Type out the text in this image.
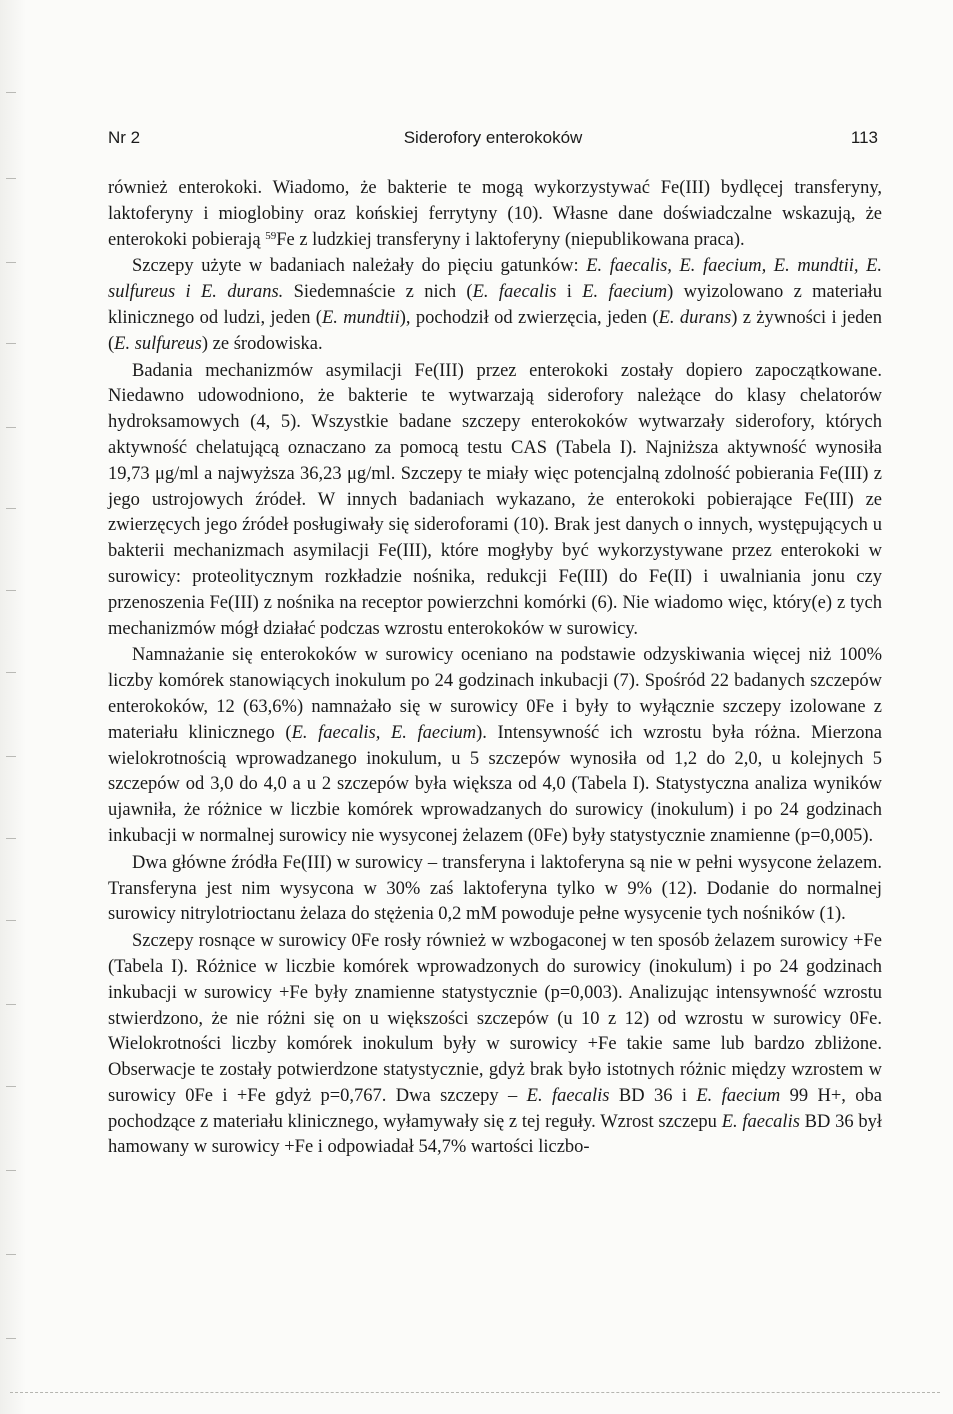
Nr 2	Siderofory enterokoków	113

również enterokoki. Wiadomo, że bakterie te mogą wykorzystywać Fe(III) bydlęcej transferyny, laktoferyny i mioglobiny oraz końskiej ferrytyny (10). Własne dane doświadczalne wskazują, że enterokoki pobierają $^{59}$Fe z ludzkiej transferyny i laktoferyny (niepublikowana praca).

Szczepy użyte w badaniach należały do pięciu gatunków: E. faecalis, E. faecium, E. mundtii, E. sulfureus i E. durans. Siedemnaście z nich (E. faecalis i E. faecium) wyizolowano z materiału klinicznego od ludzi, jeden (E. mundtii), pochodził od zwierzęcia, jeden (E. durans) z żywności i jeden (E. sulfureus) ze środowiska.

Badania mechanizmów asymilacji Fe(III) przez enterokoki zostały dopiero zapoczątkowane. Niedawno udowodniono, że bakterie te wytwarzają siderofory należące do klasy chelatorów hydroksamowych (4, 5). Wszystkie badane szczepy enterokoków wytwarzały siderofory, których aktywność chelatującą oznaczano za pomocą testu CAS (Tabela I). Najniższa aktywność wynosiła 19,73 μg/ml a najwyższa 36,23 μg/ml. Szczepy te miały więc potencjalną zdolność pobierania Fe(III) z jego ustrojowych źródeł. W innych badaniach wykazano, że enterokoki pobierające Fe(III) ze zwierzęcych jego źródeł posługiwały się sideroforami (10). Brak jest danych o innych, występujących u bakterii mechanizmach asymilacji Fe(III), które mogłyby być wykorzystywane przez enterokoki w surowicy: proteolitycznym rozkładzie nośnika, redukcji Fe(III) do Fe(II) i uwalniania jonu czy przenoszenia Fe(III) z nośnika na receptor powierzchni komórki (6). Nie wiadomo więc, który(e) z tych mechanizmów mógł działać podczas wzrostu enterokoków w surowicy.

Namnażanie się enterokoków w surowicy oceniano na podstawie odzyskiwania więcej niż 100% liczby komórek stanowiących inokulum po 24 godzinach inkubacji (7). Spośród 22 badanych szczepów enterokoków, 12 (63,6%) namnażało się w surowicy 0Fe i były to wyłącznie szczepy izolowane z materiału klinicznego (E. faecalis, E. faecium). Intensywność ich wzrostu była różna. Mierzona wielokrotnością wprowadzanego inokulum, u 5 szczepów wynosiła od 1,2 do 2,0, u kolejnych 5 szczepów od 3,0 do 4,0 a u 2 szczepów była większa od 4,0 (Tabela I). Statystyczna analiza wyników ujawniła, że różnice w liczbie komórek wprowadzanych do surowicy (inokulum) i po 24 godzinach inkubacji w normalnej surowicy nie wysyconej żelazem (0Fe) były statystycznie znamienne (p=0,005).

Dwa główne źródła Fe(III) w surowicy – transferyna i laktoferyna są nie w pełni wysycone żelazem. Transferyna jest nim wysycona w 30% zaś laktoferyna tylko w 9% (12). Dodanie do normalnej surowicy nitrylotrioctanu żelaza do stężenia 0,2 mM powoduje pełne wysycenie tych nośników (1).

Szczepy rosnące w surowicy 0Fe rosły również w wzbogaconej w ten sposób żelazem surowicy +Fe (Tabela I). Różnice w liczbie komórek wprowadzonych do surowicy (inokulum) i po 24 godzinach inkubacji w surowicy +Fe były znamienne statystycznie (p=0,003). Analizując intensywność wzrostu stwierdzono, że nie różni się on u większości szczepów (u 10 z 12) od wzrostu w surowicy 0Fe. Wielokrotności liczby komórek inokulum były w surowicy +Fe takie same lub bardzo zbliżone. Obserwacje te zostały potwierdzone statystycznie, gdyż brak było istotnych różnic między wzrostem w surowicy 0Fe i +Fe gdyż p=0,767. Dwa szczepy – E. faecalis BD 36 i E. faecium 99 H+, oba pochodzące z materiału klinicznego, wyłamywały się z tej reguły. Wzrost szczepu E. faecalis BD 36 był hamowany w surowicy +Fe i odpowiadał 54,7% wartości liczbo-
